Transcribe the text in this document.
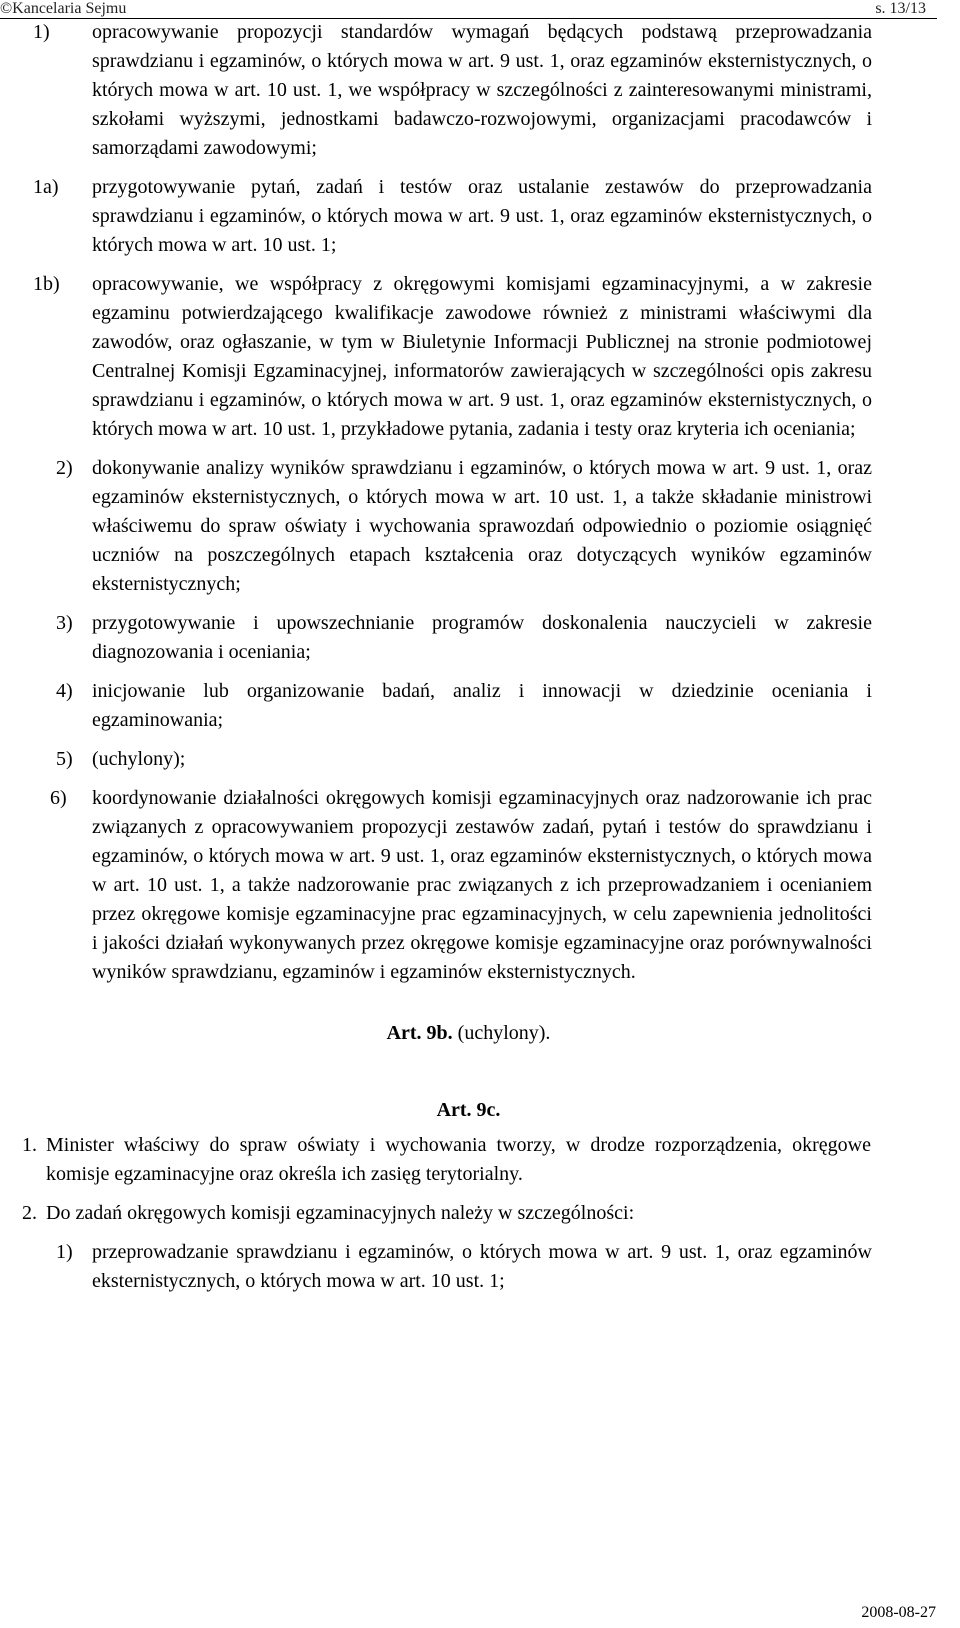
©Kancelaria Sejmu	s. 13/13
1) opracowywanie propozycji standardów wymagań będących podstawą przeprowadzania sprawdzianu i egzaminów, o których mowa w art. 9 ust. 1, oraz egzaminów eksternistycznych, o których mowa w art. 10 ust. 1, we współpracy w szczególności z zainteresowanymi ministrami, szkołami wyższymi, jednostkami badawczo-rozwojowymi, organizacjami pracodawców i samorządami zawodowymi;
1a) przygotowywanie pytań, zadań i testów oraz ustalanie zestawów do przeprowadzania sprawdzianu i egzaminów, o których mowa w art. 9 ust. 1, oraz egzaminów eksternistycznych, o których mowa w art. 10 ust. 1;
1b) opracowywanie, we współpracy z okręgowymi komisjami egzaminacyjnymi, a w zakresie egzaminu potwierdzającego kwalifikacje zawodowe również z ministrami właściwymi dla zawodów, oraz ogłaszanie, w tym w Biuletynie Informacji Publicznej na stronie podmiotowej Centralnej Komisji Egzaminacyjnej, informatorów zawierających w szczególności opis zakresu sprawdzianu i egzaminów, o których mowa w art. 9 ust. 1, oraz egzaminów eksternistycznych, o których mowa w art. 10 ust. 1, przykładowe pytania, zadania i testy oraz kryteria ich oceniania;
2) dokonywanie analizy wyników sprawdzianu i egzaminów, o których mowa w art. 9 ust. 1, oraz egzaminów eksternistycznych, o których mowa w art. 10 ust. 1, a także składanie ministrowi właściwemu do spraw oświaty i wychowania sprawozdań odpowiednio o poziomie osiągnięć uczniów na poszczególnych etapach kształcenia oraz dotyczących wyników egzaminów eksternistycznych;
3) przygotowywanie i upowszechnianie programów doskonalenia nauczycieli w zakresie diagnozowania i oceniania;
4) inicjowanie lub organizowanie badań, analiz i innowacji w dziedzinie oceniania i egzaminowania;
5) (uchylony);
6) koordynowanie działalności okręgowych komisji egzaminacyjnych oraz nadzorowanie ich prac związanych z opracowywaniem propozycji zestawów zadań, pytań i testów do sprawdzianu i egzaminów, o których mowa w art. 9 ust. 1, oraz egzaminów eksternistycznych, o których mowa w art. 10 ust. 1, a także nadzorowanie prac związanych z ich przeprowadzaniem i ocenianiem przez okręgowe komisje egzaminacyjne prac egzaminacyjnych, w celu zapewnienia jednolitości i jakości działań wykonywanych przez okręgowe komisje egzaminacyjne oraz porównywalności wyników sprawdzianu, egzaminów i egzaminów eksternistycznych.

Art. 9b. (uchylony).

Art. 9c.

1. Minister właściwy do spraw oświaty i wychowania tworzy, w drodze rozporządzenia, okręgowe komisje egzaminacyjne oraz określa ich zasięg terytorialny.
2. Do zadań okręgowych komisji egzaminacyjnych należy w szczególności:
1) przeprowadzanie sprawdzianu i egzaminów, o których mowa w art. 9 ust. 1, oraz egzaminów eksternistycznych, o których mowa w art. 10 ust. 1;
2008-08-27
